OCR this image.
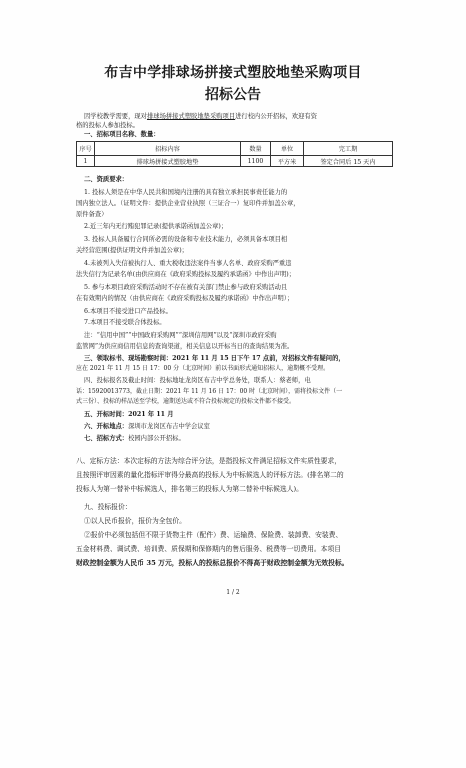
布吉中学排球场拼接式塑胶地垫采购项目
招标公告
因学校教学需要，现对排球场拼接式塑胶地垫采购项目进行校内公开招标，欢迎有资
格的投标人参加投标。
一、招标项目名称、数量：
序号	招标内容	数量	单位	完工期
1	排球场拼接式塑胶地垫	1100	平方米	签定合同后 15 天内
二、资质要求：
1. 投标人须是在中华人民共和国境内注册的具有独立承担民事责任能力的
国内独立法人。（证明文件：提供企业营业执照（三证合一）复印件并加盖公章，
原件备查）
2.近三年内无行贿犯罪记录(提供承诺函加盖公章)；
3. 投标人具备履行合同所必需的设备和专业技术能力，必须具备本项目相
关经营范围(提供证明文件并加盖公章)；
4.未被列入失信被执行人、重大税收违法案件当事人名单、政府采购严重违
法失信行为记录名单(由供应商在《政府采购投标及履约承诺函》中作出声明)；
5. 参与本项目政府采购活动时不存在被有关部门禁止参与政府采购活动且
在有效期内的情况（由供应商在《政府采购投标及履约承诺函》中作出声明）；
6.本项目不接受进口产品投标。
7.本项目不接受联合体投标。
注：“信用中国”“中国政府采购网”“深圳信用网”以及“深圳市政府采购
监管网”为供应商信用信息的查询渠道，相关信息以开标当日的查询结果为准。
三、领取标书、现场勘察时间：2021 年 11 月 15 日下午 17 点前，对招标文件有疑问的，
应在 2021 年 11 月 15 日 17：00 分（北京时间）前以书面形式通知招标人，逾期概不受理。
四、投标报名及截止时间：投标地址龙岗区布吉中学总务处，联系人：蔡老师，电
话：15920013773，截止日期：2021 年 11 月 16 日 17：00 时（北京时间），需将投标文件（一
式三份）、投标的样品送至学校，逾期送达或不符合投标规定的投标文件都不接受。
五、开标时间：2021 年 11 月
六、开标地点：深圳市龙岗区布吉中学会议室
七、招标方式：校园内部公开招标。
八、定标方法：本次定标的方法为综合评分法，是指投标文件满足招标文件实质性要求，
且按照评审因素的量化指标评审得分最高的投标人为中标候选人的评标方法。(排名第二的
投标人为第一替补中标候选人，排名第三的投标人为第二替补中标候选人)。
九、投标报价：
①以人民币报价，报价为全包价。
②报价中必须包括但不限于货物主件（配件）费、运输费、保险费、装卸费、安装费、
五金材料费、调试费、培训费、质保期和保修期内的售后服务、税费等一切费用。本项目
财政控制金额为人民币 35 万元，投标人的投标总报价不得高于财政控制金额为无效投标。
1 / 2
